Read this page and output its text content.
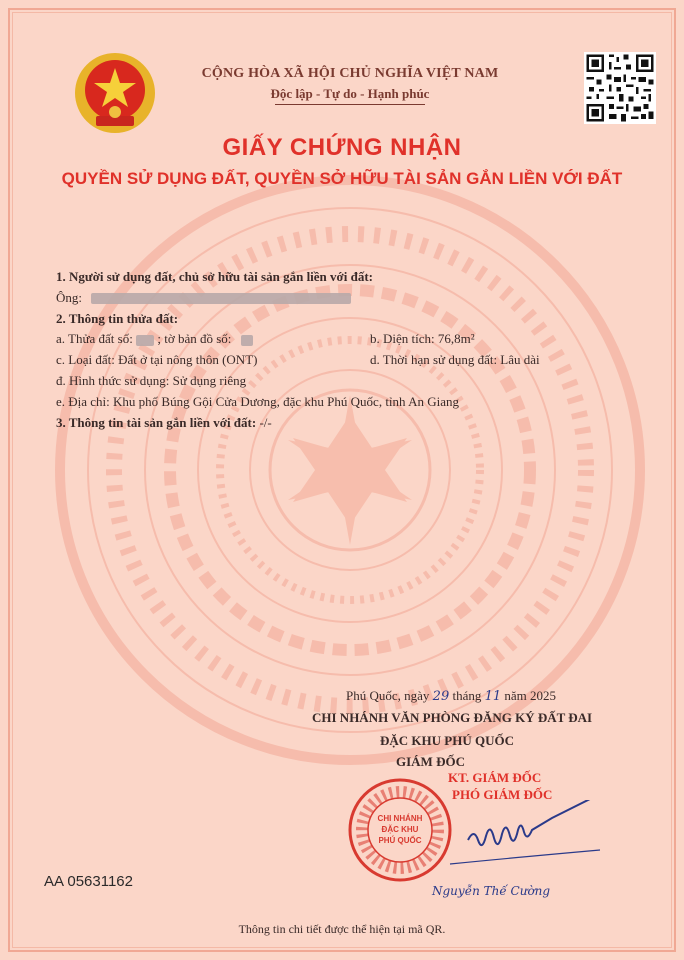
CỘNG HÒA XÃ HỘI CHỦ NGHĨA VIỆT NAM
Độc lập - Tự do - Hạnh phúc
GIẤY CHỨNG NHẬN
QUYỀN SỬ DỤNG ĐẤT, QUYỀN SỞ HỮU TÀI SẢN GẮN LIỀN VỚI ĐẤT
1. Người sử dụng đất, chủ sở hữu tài sản gắn liền với đất:
Ông:
2. Thông tin thửa đất:
a. Thửa đất số: ; tờ bản đồ số:	b. Diện tích: 76,8m²
c. Loại đất: Đất ở tại nông thôn (ONT)	d. Thời hạn sử dụng đất: Lâu dài
đ. Hình thức sử dụng: Sử dụng riêng
e. Địa chỉ: Khu phố Búng Gội Cửa Dương, đặc khu Phú Quốc, tỉnh An Giang
3. Thông tin tài sản gắn liền với đất: -/-
Phú Quốc, ngày 29 tháng 11 năm 2025
CHI NHÁNH VĂN PHÒNG ĐĂNG KÝ ĐẤT ĐAI
ĐẶC KHU PHÚ QUỐC
GIÁM ĐỐC
KT. GIÁM ĐỐC
PHÓ GIÁM ĐỐC
CHI NHÁNH
ĐẶC KHU
PHÚ QUỐC
Nguyễn Thế Cường
AA 05631162
Thông tin chi tiết được thể hiện tại mã QR.
